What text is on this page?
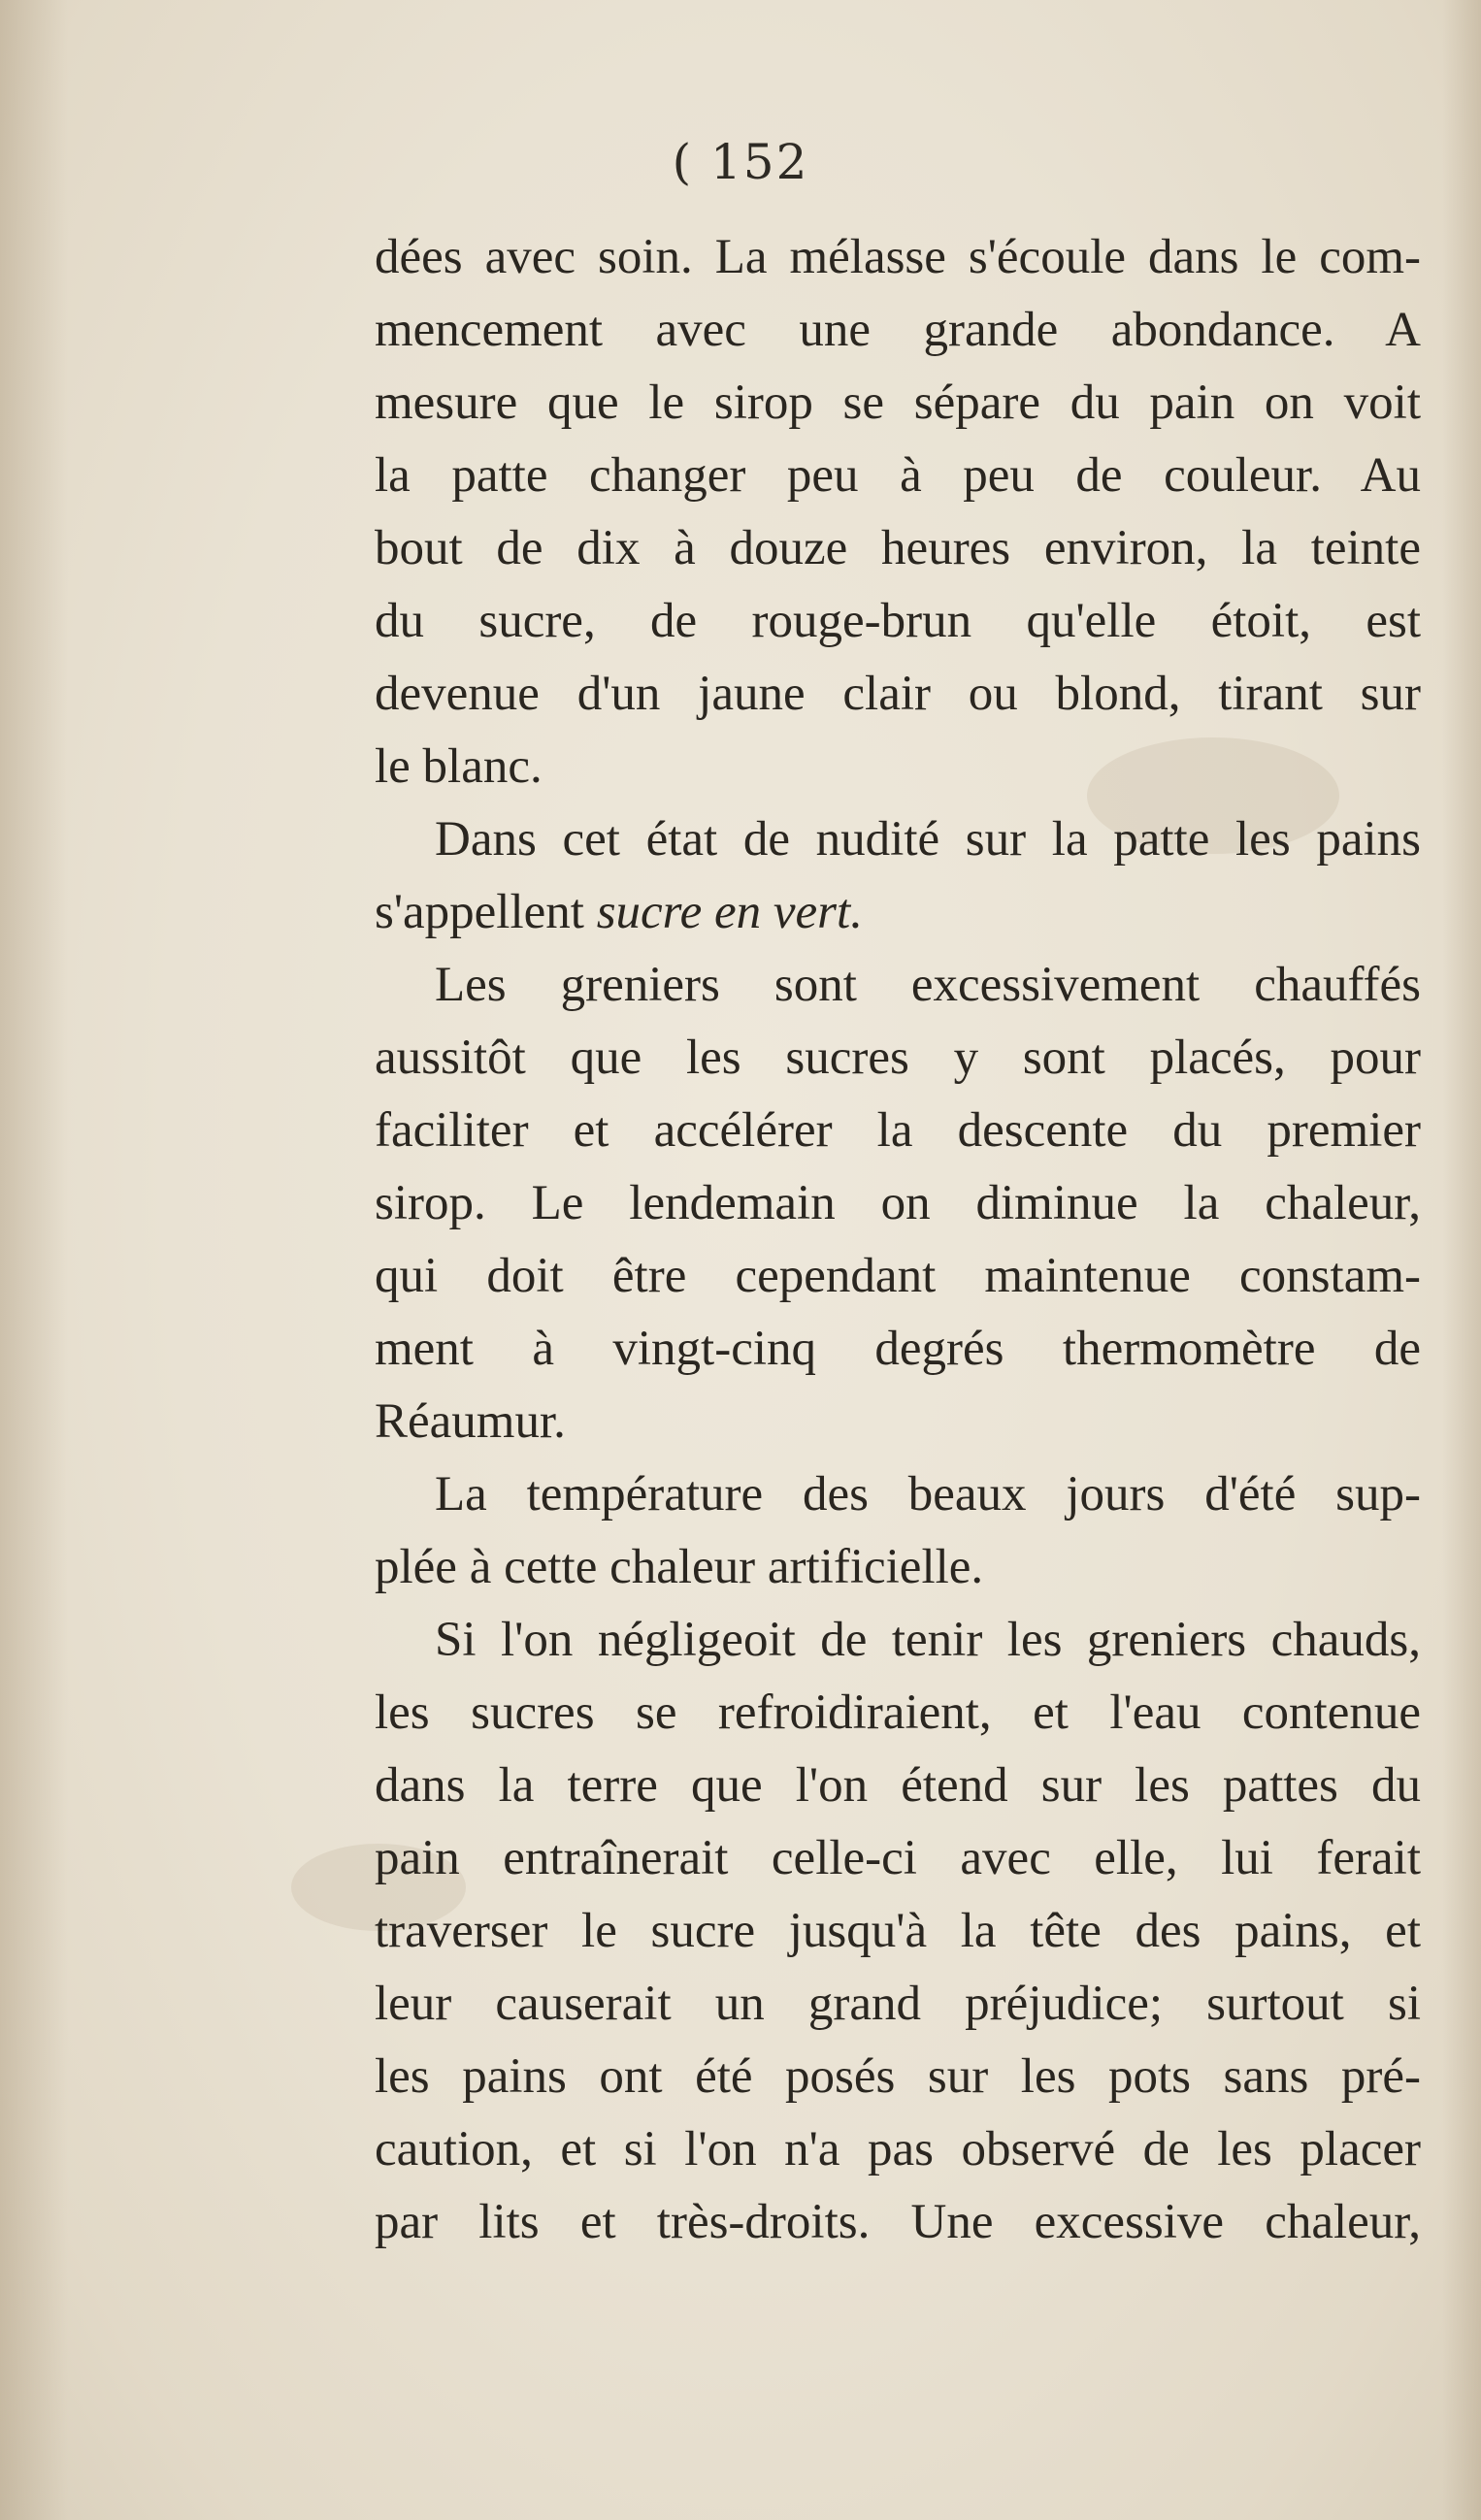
( 152
dées avec soin. La mélasse s'écoule dans le com-
mencement avec une grande abondance. A
mesure que le sirop se sépare du pain on voit
la patte changer peu à peu de couleur. Au
bout de dix à douze heures environ, la teinte
du sucre, de rouge-brun qu'elle étoit, est
devenue d'un jaune clair ou blond, tirant sur
le blanc.
Dans cet état de nudité sur la patte les pains
s'appellent sucre en vert.
Les greniers sont excessivement chauffés
aussitôt que les sucres y sont placés, pour
faciliter et accélérer la descente du premier
sirop. Le lendemain on diminue la chaleur,
qui doit être cependant maintenue constam-
ment à vingt-cinq degrés thermomètre de
Réaumur.
La température des beaux jours d'été sup-
plée à cette chaleur artificielle.
Si l'on négligeoit de tenir les greniers chauds,
les sucres se refroidiraient, et l'eau contenue
dans la terre que l'on étend sur les pattes du
pain entraînerait celle-ci avec elle, lui ferait
traverser le sucre jusqu'à la tête des pains, et
leur causerait un grand préjudice; surtout si
les pains ont été posés sur les pots sans pré-
caution, et si l'on n'a pas observé de les placer
par lits et très-droits. Une excessive chaleur,
